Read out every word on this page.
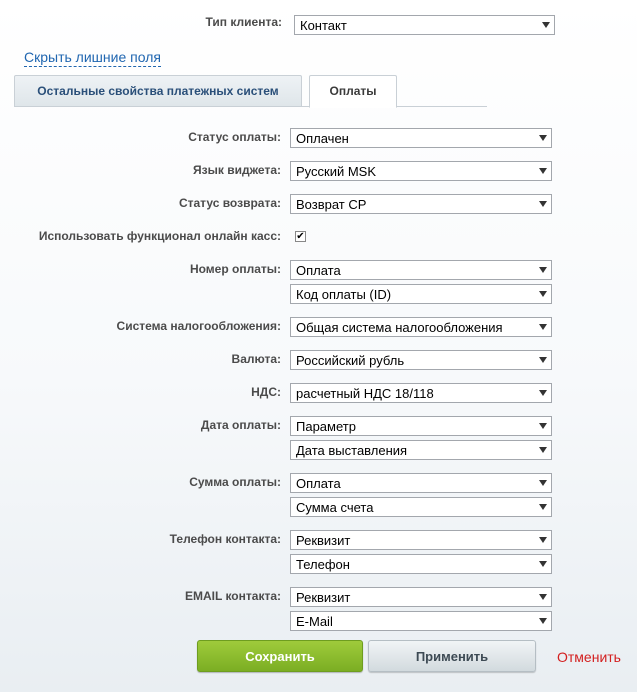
Тип клиента:	Контакт
Скрыть лишние поля
Остальные свойства платежных систем	Оплаты
Статус оплаты:	Оплачен
Язык виджета:	Русский MSK
Статус возврата:	Возврат СР
Использовать функционал онлайн касс: ✔
Номер оплаты:	Оплата
Код оплаты (ID)
Система налогообложения:	Общая система налогообложения
Валюта:	Российский рубль
НДС:	расчетный НДС 18/118
Дата оплаты:	Параметр
Дата выставления
Сумма оплаты:	Оплата
Сумма счета
Телефон контакта:	Реквизит
Телефон
EMAIL контакта:	Реквизит
E-Mail
Сохранить	Применить	Отменить
